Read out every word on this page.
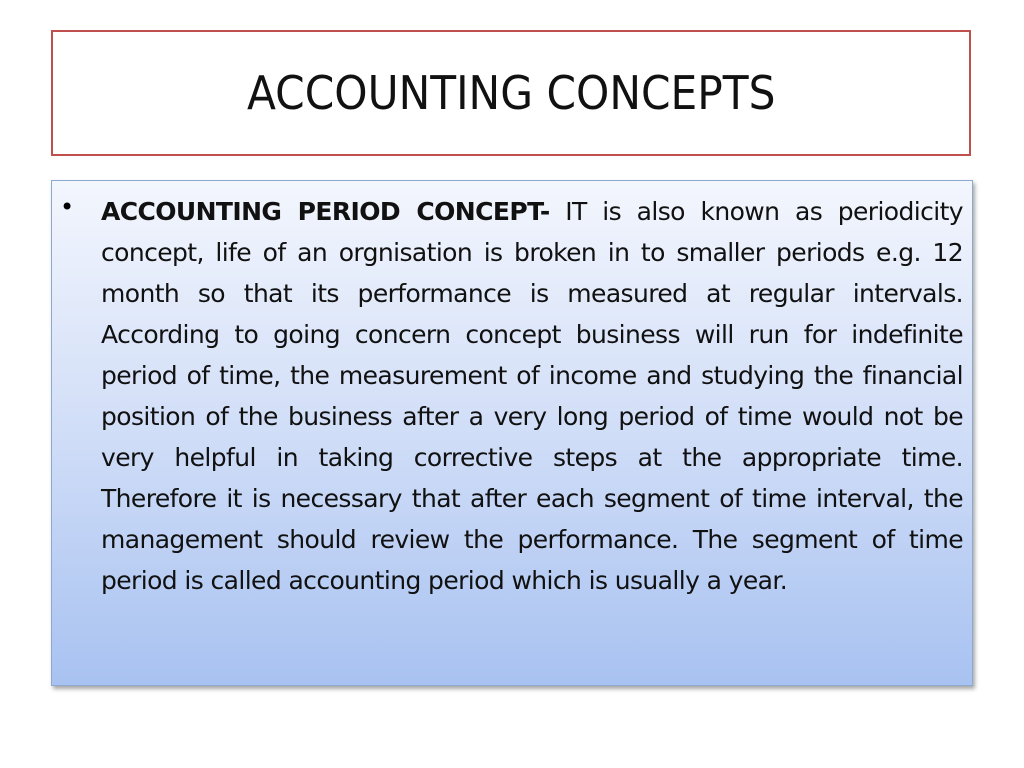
ACCOUNTING CONCEPTS
• ACCOUNTING PERIOD CONCEPT- IT is also known as periodicity concept, life of an orgnisation is broken in to smaller periods e.g. 12 month so that its performance is measured at regular intervals. According to going concern concept business will run for indefinite period of time, the measurement of income and studying the financial position of the business after a very long period of time would not be very helpful in taking corrective steps at the appropriate time. Therefore it is necessary that after each segment of time interval, the management should review the performance. The segment of time period is called accounting period which is usually a year.
